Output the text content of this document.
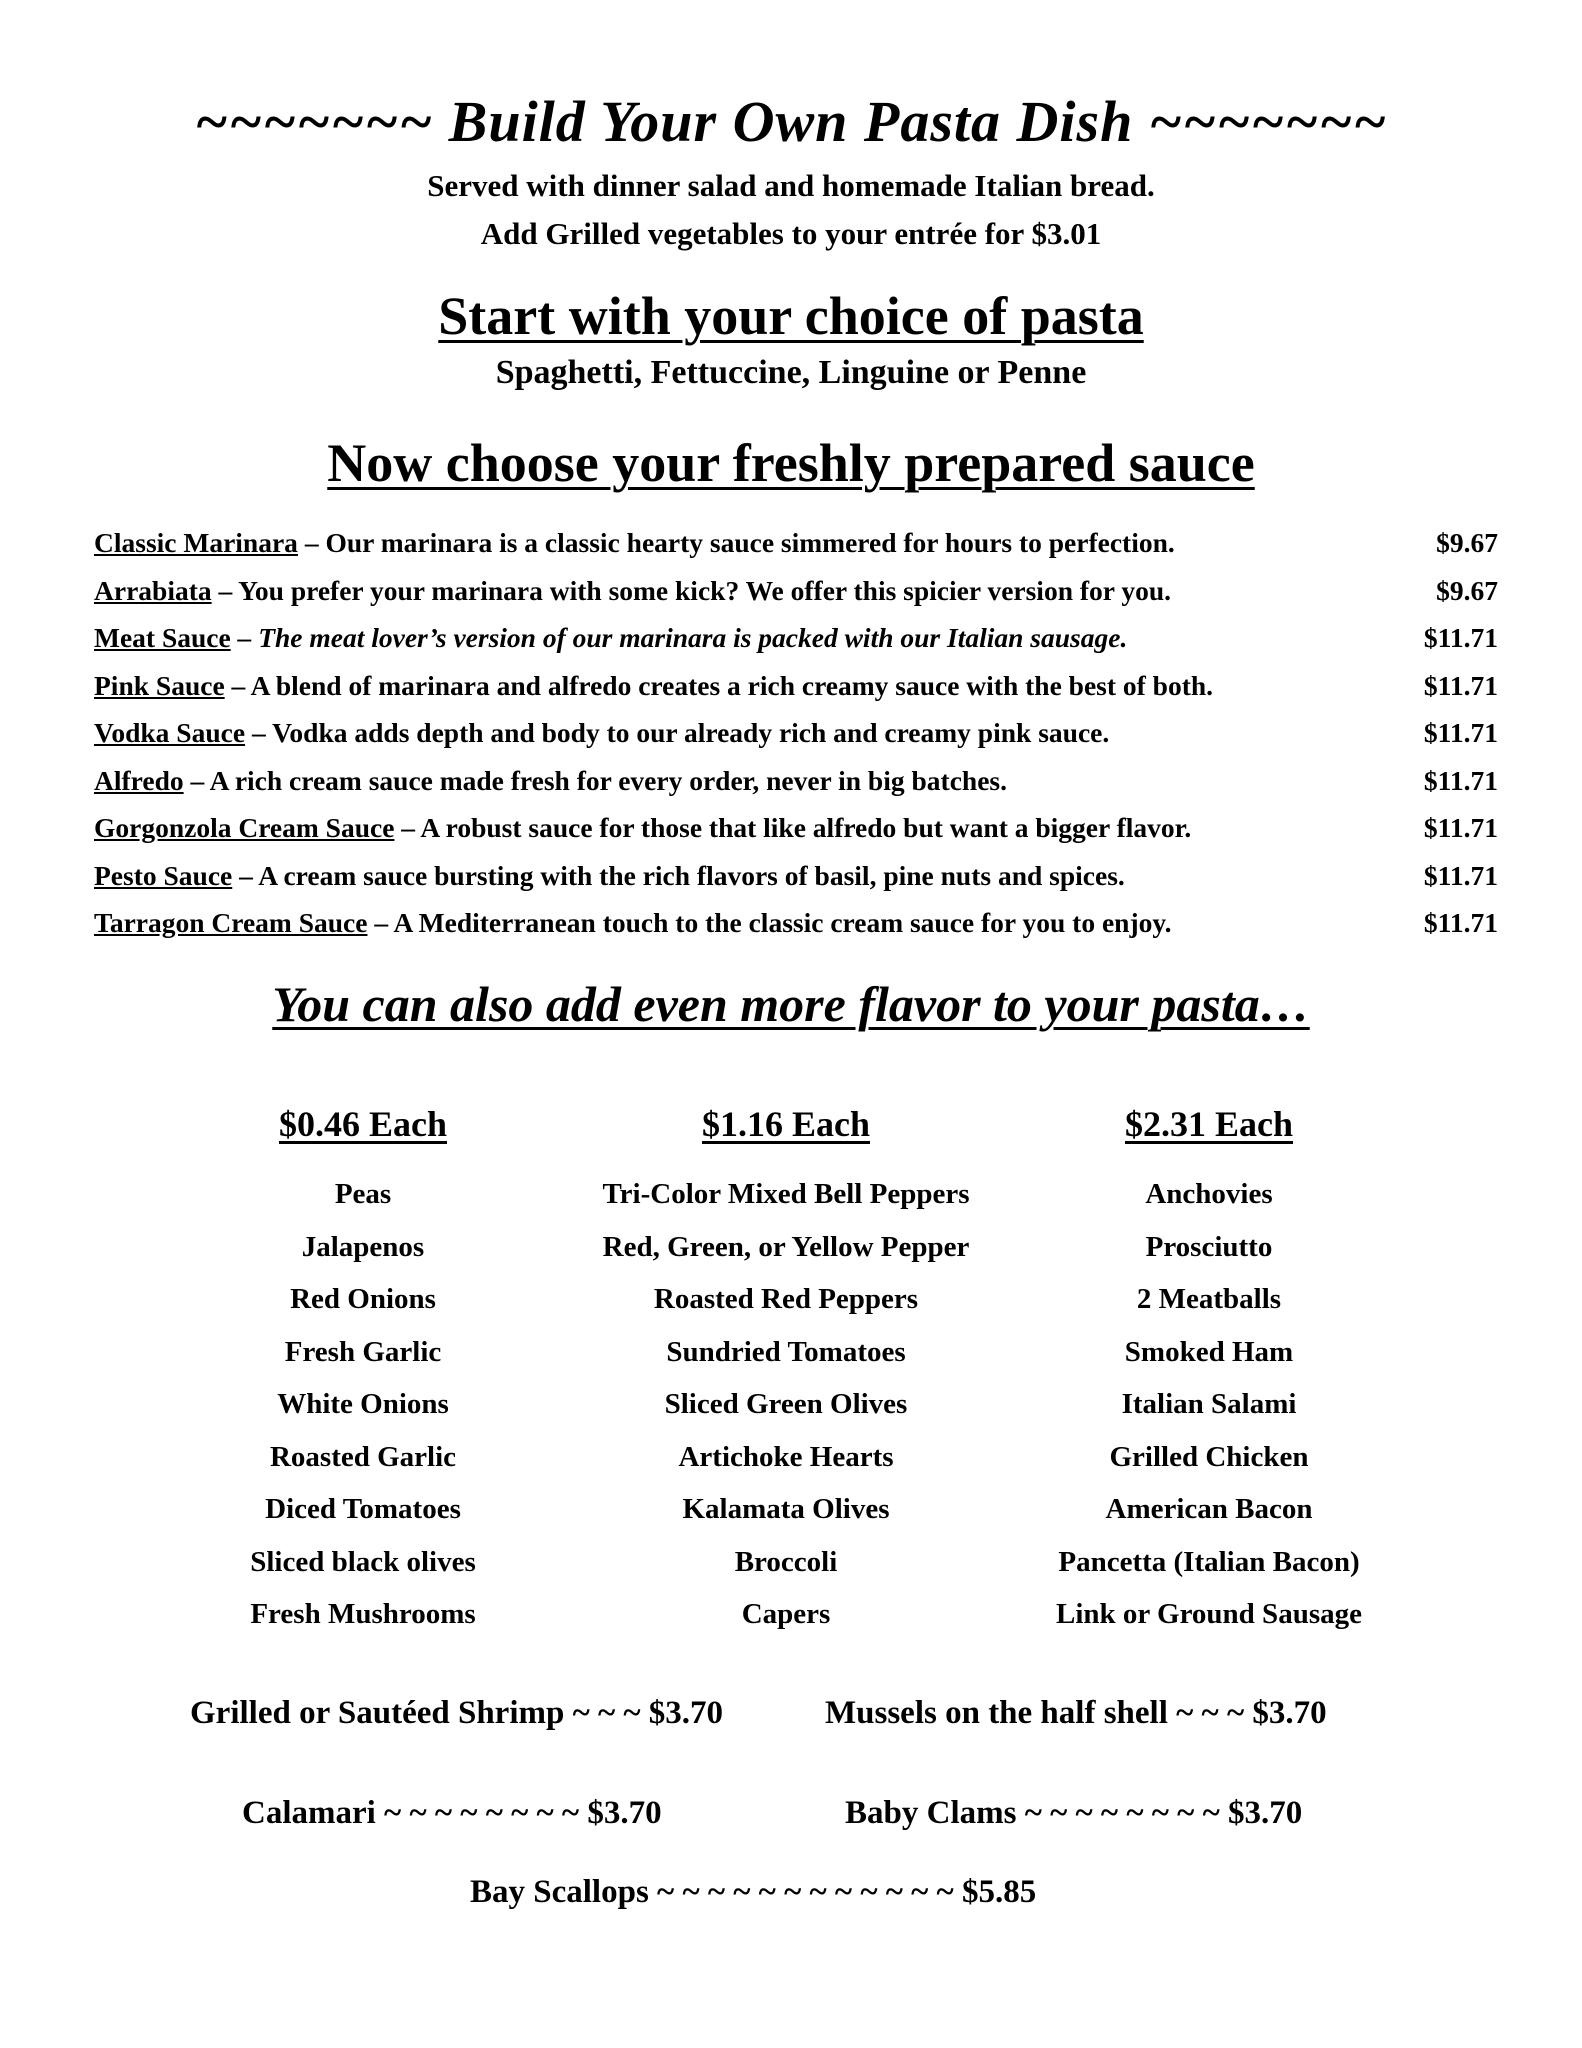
~~~~~~~ Build Your Own Pasta Dish ~~~~~~~
Served with dinner salad and homemade Italian bread.
Add Grilled vegetables to your entrée for $3.01
Start with your choice of pasta
Spaghetti, Fettuccine, Linguine or Penne
Now choose your freshly prepared sauce
Classic Marinara – Our marinara is a classic hearty sauce simmered for hours to perfection.	$9.67
Arrabiata – You prefer your marinara with some kick? We offer this spicier version for you.	$9.67
Meat Sauce – The meat lover’s version of our marinara is packed with our Italian sausage.	$11.71
Pink Sauce – A blend of marinara and alfredo creates a rich creamy sauce with the best of both.	$11.71
Vodka Sauce – Vodka adds depth and body to our already rich and creamy pink sauce.	$11.71
Alfredo – A rich cream sauce made fresh for every order, never in big batches.	$11.71
Gorgonzola Cream Sauce – A robust sauce for those that like alfredo but want a bigger flavor.	$11.71
Pesto Sauce – A cream sauce bursting with the rich flavors of basil, pine nuts and spices.	$11.71
Tarragon Cream Sauce – A Mediterranean touch to the classic cream sauce for you to enjoy.	$11.71
You can also add even more flavor to your pasta…
$0.46 Each
Peas
Jalapenos
Red Onions
Fresh Garlic
White Onions
Roasted Garlic
Diced Tomatoes
Sliced black olives
Fresh Mushrooms
$1.16 Each
Tri-Color Mixed Bell Peppers
Red, Green, or Yellow Pepper
Roasted Red Peppers
Sundried Tomatoes
Sliced Green Olives
Artichoke Hearts
Kalamata Olives
Broccoli
Capers
$2.31 Each
Anchovies
Prosciutto
2 Meatballs
Smoked Ham
Italian Salami
Grilled Chicken
American Bacon
Pancetta (Italian Bacon)
Link or Ground Sausage
Grilled or Sautéed Shrimp ~ ~ ~ $3.70	Mussels on the half shell ~ ~ ~ $3.70
Calamari ~ ~ ~ ~ ~ ~ ~ ~ $3.70	Baby Clams ~ ~ ~ ~ ~ ~ ~ ~ $3.70
Bay Scallops ~ ~ ~ ~ ~ ~ ~ ~ ~ ~ ~ ~ $5.85
